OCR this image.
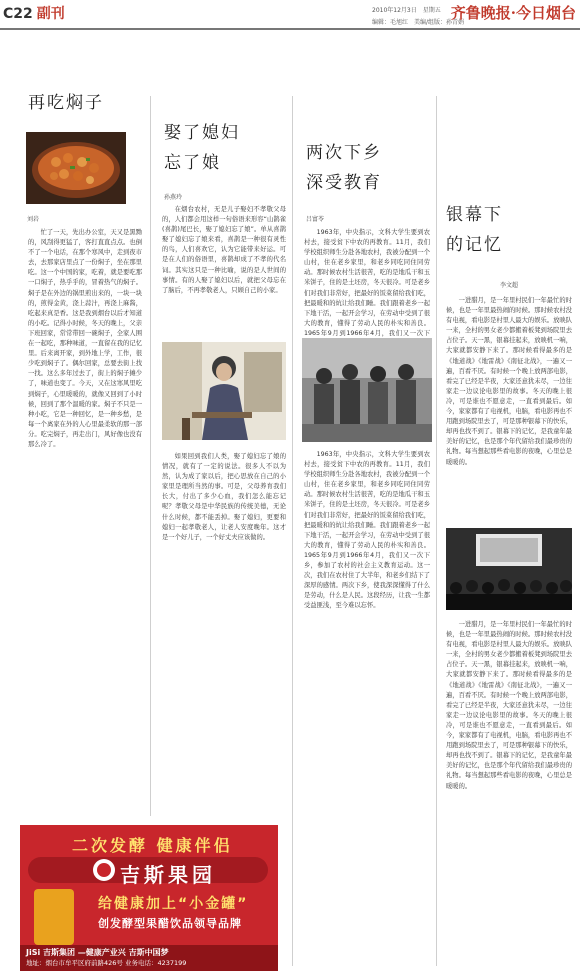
C22 副刊	2010年12月3日　星期五
编辑：毛旭红　美编/组版：孙青娟
齐鲁晚报·今日烟台
再吃焖子
刘岩
忙了一天，先出办公室，天又是黑黝的，风刮得更猛了，客打直直点点。也倒不了一个电话，在那个寒风中，走到夜市去，去那家店里点了一份焖子，坐在那里吃。这一个中国的家，吃着，就是要吃那一口焖子，热乎乎的，冒着热气的焖子。焖子是在外边的锅里煎出来的，一块一块的，煎得金黄，浇上蒜汁，再浇上麻酱，吃起来真是香。这是我到烟台以后才知道的小吃。记得小时候，冬天的晚上，父亲下班回家，常常带回一碗焖子，全家人围在一起吃，那种味道，一直留在我的记忆里。后来离开家，到外地上学，工作，很少吃到焖子了。偶尔回家，总要去街上找一找。这么多年过去了，街上的焖子摊少了，味道也变了。今天，又在这寒风里吃到焖子，心里暖暖的，就像又回到了小时候，回到了那个温暖的家。焖子不只是一种小吃，它是一种回忆，是一种乡愁，是每一个离家在外的人心里最柔软的那一部分。吃完焖子，再走出门，风好像也没有那么冷了。
娶了媳妇
忘了娘
孙燕玲
在烟台农村，无是儿子娶妇不孝敬父母的，人们都会用这样一句俗语来形容“山鹊雀(喜鹊)尾巴长，娶了媳妇忘了娘”。单从喜鹊娶了媳妇忘了娘来看，喜鹊是一种很有灵性的鸟，人们喜欢它，认为它能带来好运。可是在人们的俗语里，喜鹊却成了不孝的代名词。其实这只是一种比喻，说的是人世间的事情。有的人娶了媳妇以后，就把父母忘在了脑后，不再孝敬老人，只顾自己的小家。
如果回到我们人类，娶了媳妇忘了娘的情况，就有了一定的说法。很多人不以为然，认为成了家以后，把心思放在自己的小家里是理所当然的事。可是，父母养育我们长大，付出了多少心血，我们怎么能忘记呢？孝敬父母是中华民族的传统美德，无论什么时候，都不能丢掉。娶了媳妇，更要和媳妇一起孝敬老人，让老人安度晚年。这才是一个好儿子，一个好丈夫应该做的。
两次下乡
深受教育
吕富苓
1963年，中央指示，文科大学生要到农村去，接受贫下中农的再教育。11月，我们学校组织师生分赴各地农村，我被分配到一个山村，住在老乡家里，和老乡同吃同住同劳动。那时候农村生活很苦，吃的是地瓜干和玉米饼子，住的是土坯房，冬天很冷。可是老乡们对我们非常好，把最好的饭菜留给我们吃，把最暖和的炕让给我们睡。我们跟着老乡一起下地干活，一起开会学习，在劳动中受到了很大的教育，懂得了劳动人民的朴实和善良。1965年9月到1966年4月，我们又一次下
1963年，中央指示，文科大学生要到农村去，接受贫下中农的再教育。11月，我们学校组织师生分赴各地农村，我被分配到一个山村，住在老乡家里，和老乡同吃同住同劳动。那时候农村生活很苦，吃的是地瓜干和玉米饼子，住的是土坯房，冬天很冷。可是老乡们对我们非常好，把最好的饭菜留给我们吃，把最暖和的炕让给我们睡。我们跟着老乡一起下地干活，一起开会学习，在劳动中受到了很大的教育，懂得了劳动人民的朴实和善良。1965年9月到1966年4月，我们又一次下乡，参加了农村的社会主义教育运动。这一次，我们在农村住了大半年，和老乡们结下了深厚的感情。两次下乡，使我深深懂得了什么是劳动，什么是人民。这段经历，让我一生都受益匪浅，至今难以忘怀。
银幕下
的记忆
李文超
一进腊月，是一年里村民们一年最忙的时候，也是一年里最热闹的时候。那时候农村没有电视，看电影是村里人最大的娱乐。放映队一来，全村的男女老少都搬着板凳到场院里去占位子。天一黑，银幕挂起来，放映机一响，大家就都安静下来了。那时候看得最多的是《地道战》《地雷战》《南征北战》，一遍又一遍，百看不厌。有时候一个晚上放两部电影，看完了已经是半夜，大家还意犹未尽，一边往家走一边议论电影里的故事。冬天的晚上很冷，可是谁也不愿意走，一直看到最后。如今，家家都有了电视机，电脑，看电影再也不用跑到场院里去了，可是那种银幕下的快乐，却再也找不到了。银幕下的记忆，是我童年最美好的记忆，也是那个年代留给我们最珍贵的礼物。每当想起那些看电影的夜晚，心里总是暖暖的。
一进腊月，是一年里村民们一年最忙的时候，也是一年里最热闹的时候。那时候农村没有电视，看电影是村里人最大的娱乐。放映队一来，全村的男女老少都搬着板凳到场院里去占位子。天一黑，银幕挂起来，放映机一响，大家就都安静下来了。那时候看得最多的是《地道战》《地雷战》《南征北战》，一遍又一遍，百看不厌。有时候一个晚上放两部电影，看完了已经是半夜，大家还意犹未尽，一边往家走一边议论电影里的故事。冬天的晚上很冷，可是谁也不愿意走，一直看到最后。如今，家家都有了电视机，电脑，看电影再也不用跑到场院里去了，可是那种银幕下的快乐，却再也找不到了。银幕下的记忆，是我童年最美好的记忆，也是那个年代留给我们最珍贵的礼物。每当想起那些看电影的夜晚，心里总是暖暖的。
二次发酵 健康伴侣
吉斯果园
给健康加上“小金罐”
创发酵型果醋饮品领导品牌
JiSi 吉斯集团 —健康产业兴 吉斯中国梦
地址：烟台市牟平区府前路426号 业务电话：4237199
